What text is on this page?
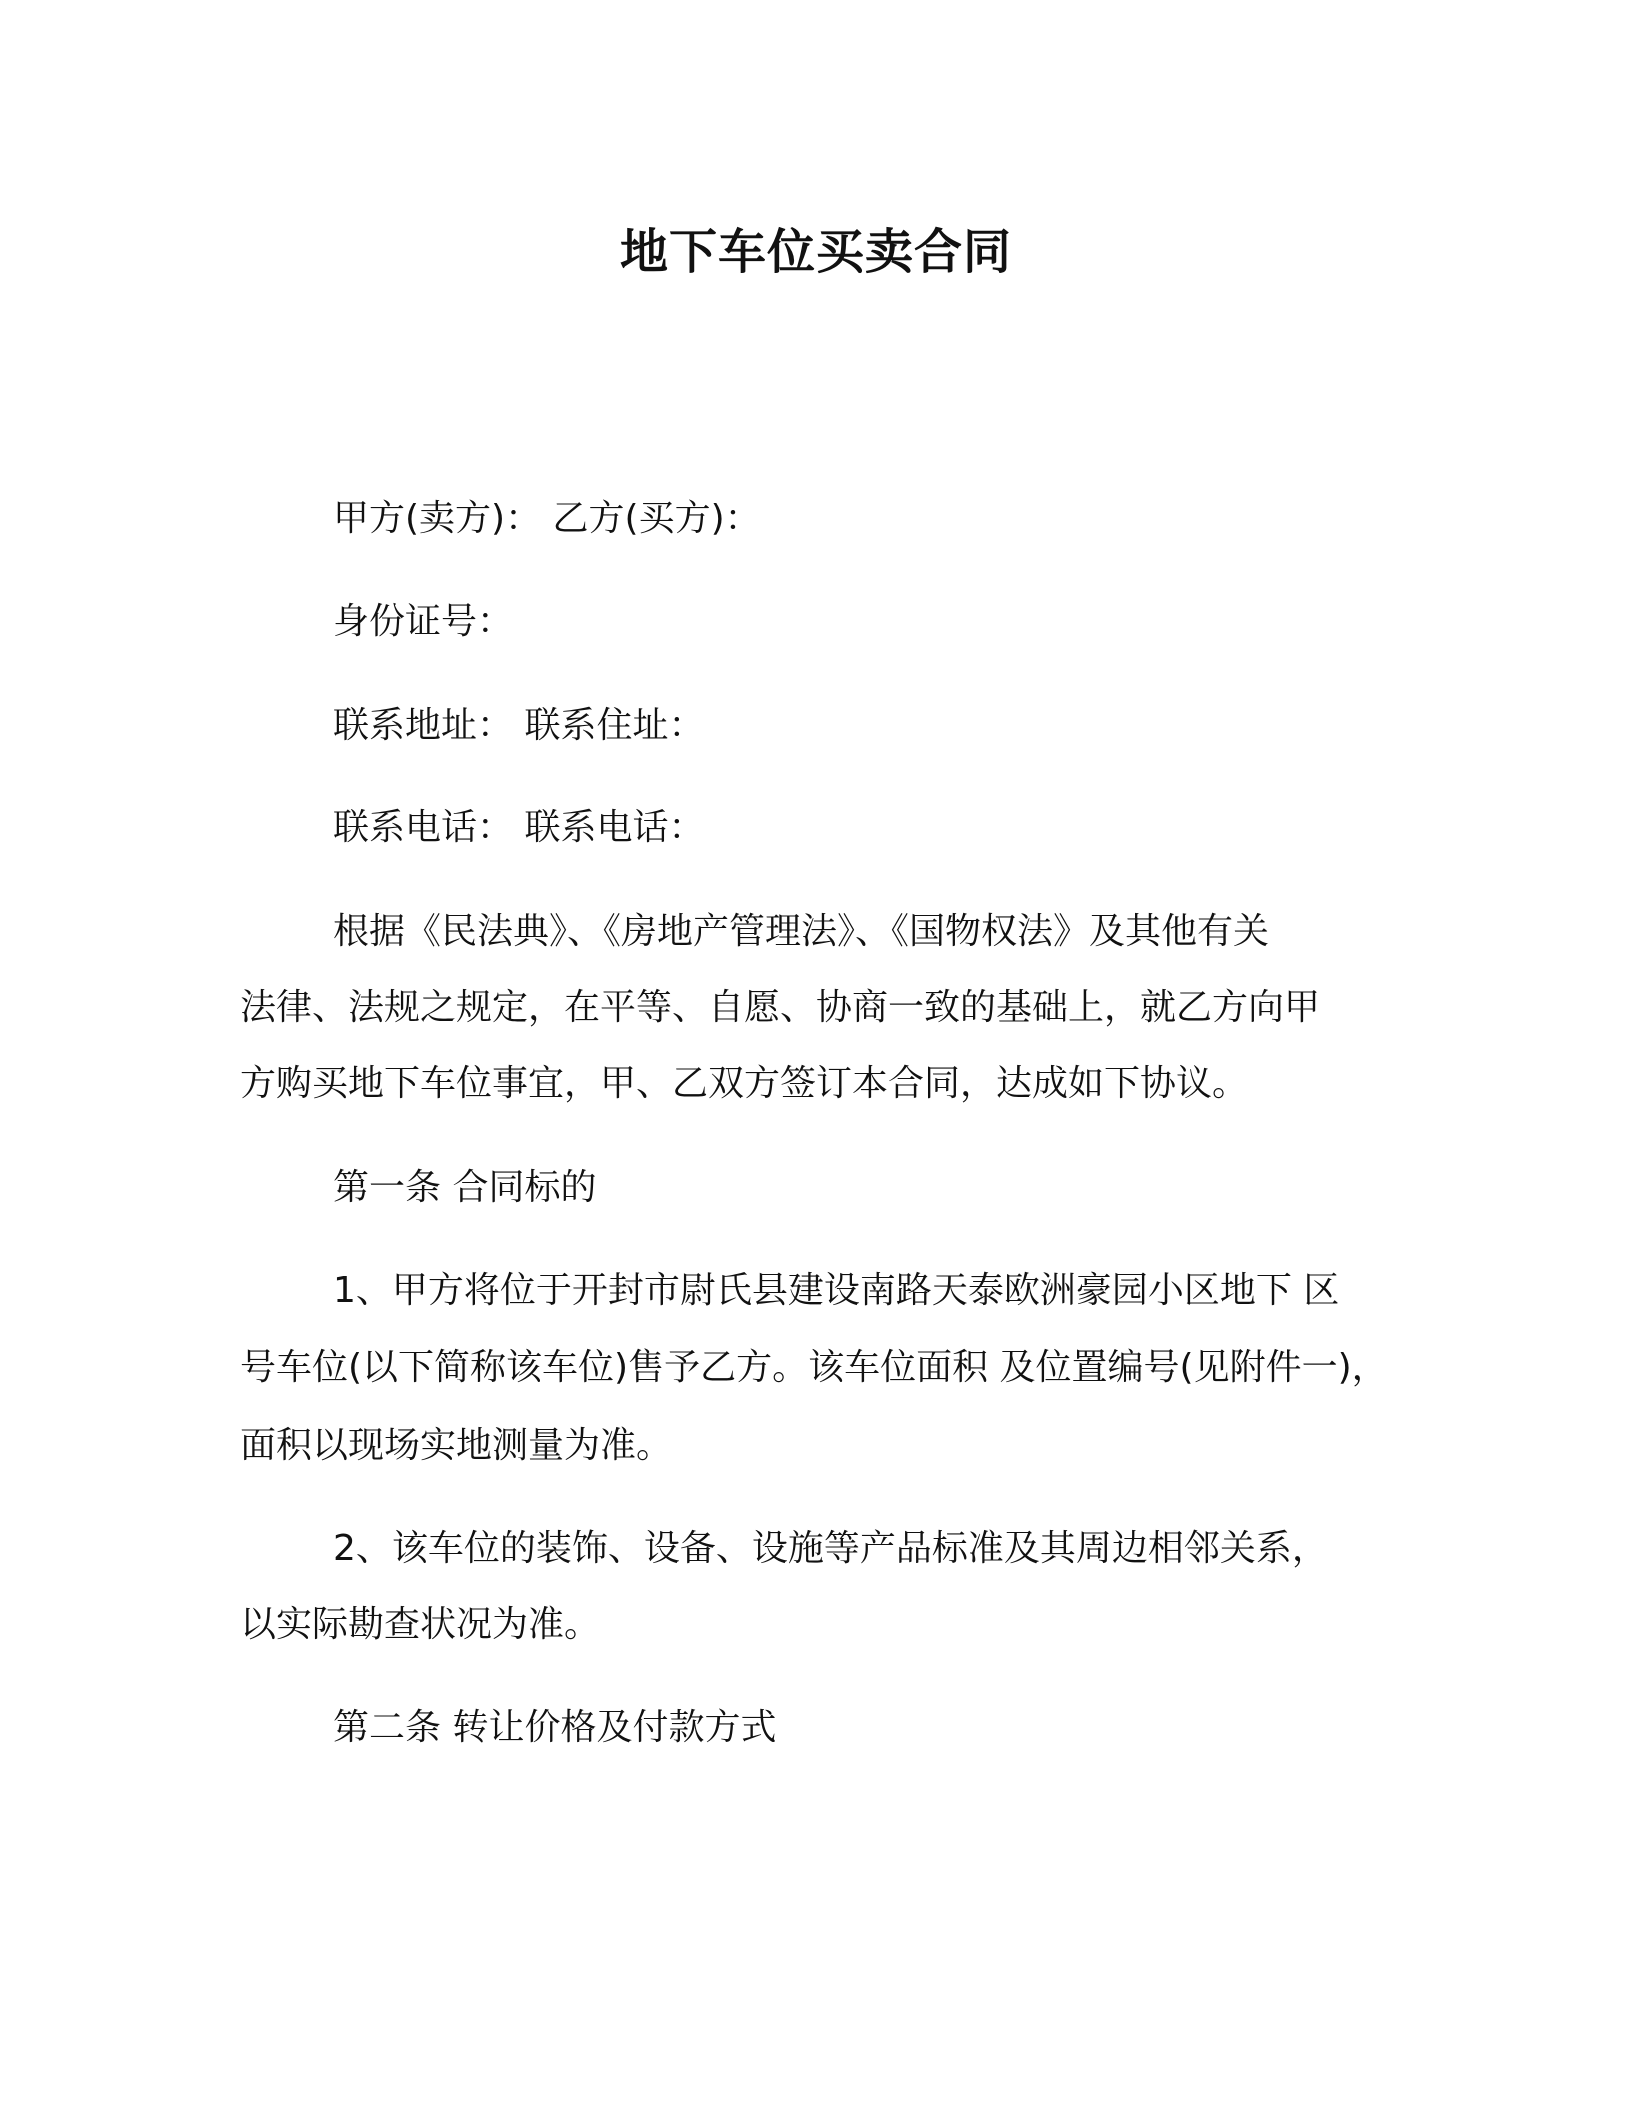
地下车位买卖合同
甲方(卖方)： 乙方(买方)：
身份证号：
联系地址： 联系住址：
联系电话： 联系电话：
根据《民法典》、《房地产管理法》、《国物权法》及其他有关
法律、法规之规定，在平等、自愿、协商一致的基础上，就乙方向甲
方购买地下车位事宜，甲、乙双方签订本合同，达成如下协议。
第一条 合同标的
1、甲方将位于开封市尉氏县建设南路天泰欧洲豪园小区地下 区
号车位(以下简称该车位)售予乙方。该车位面积 及位置编号(见附件一)，
面积以现场实地测量为准。
2、该车位的装饰、设备、设施等产品标准及其周边相邻关系，
以实际勘查状况为准。
第二条 转让价格及付款方式
